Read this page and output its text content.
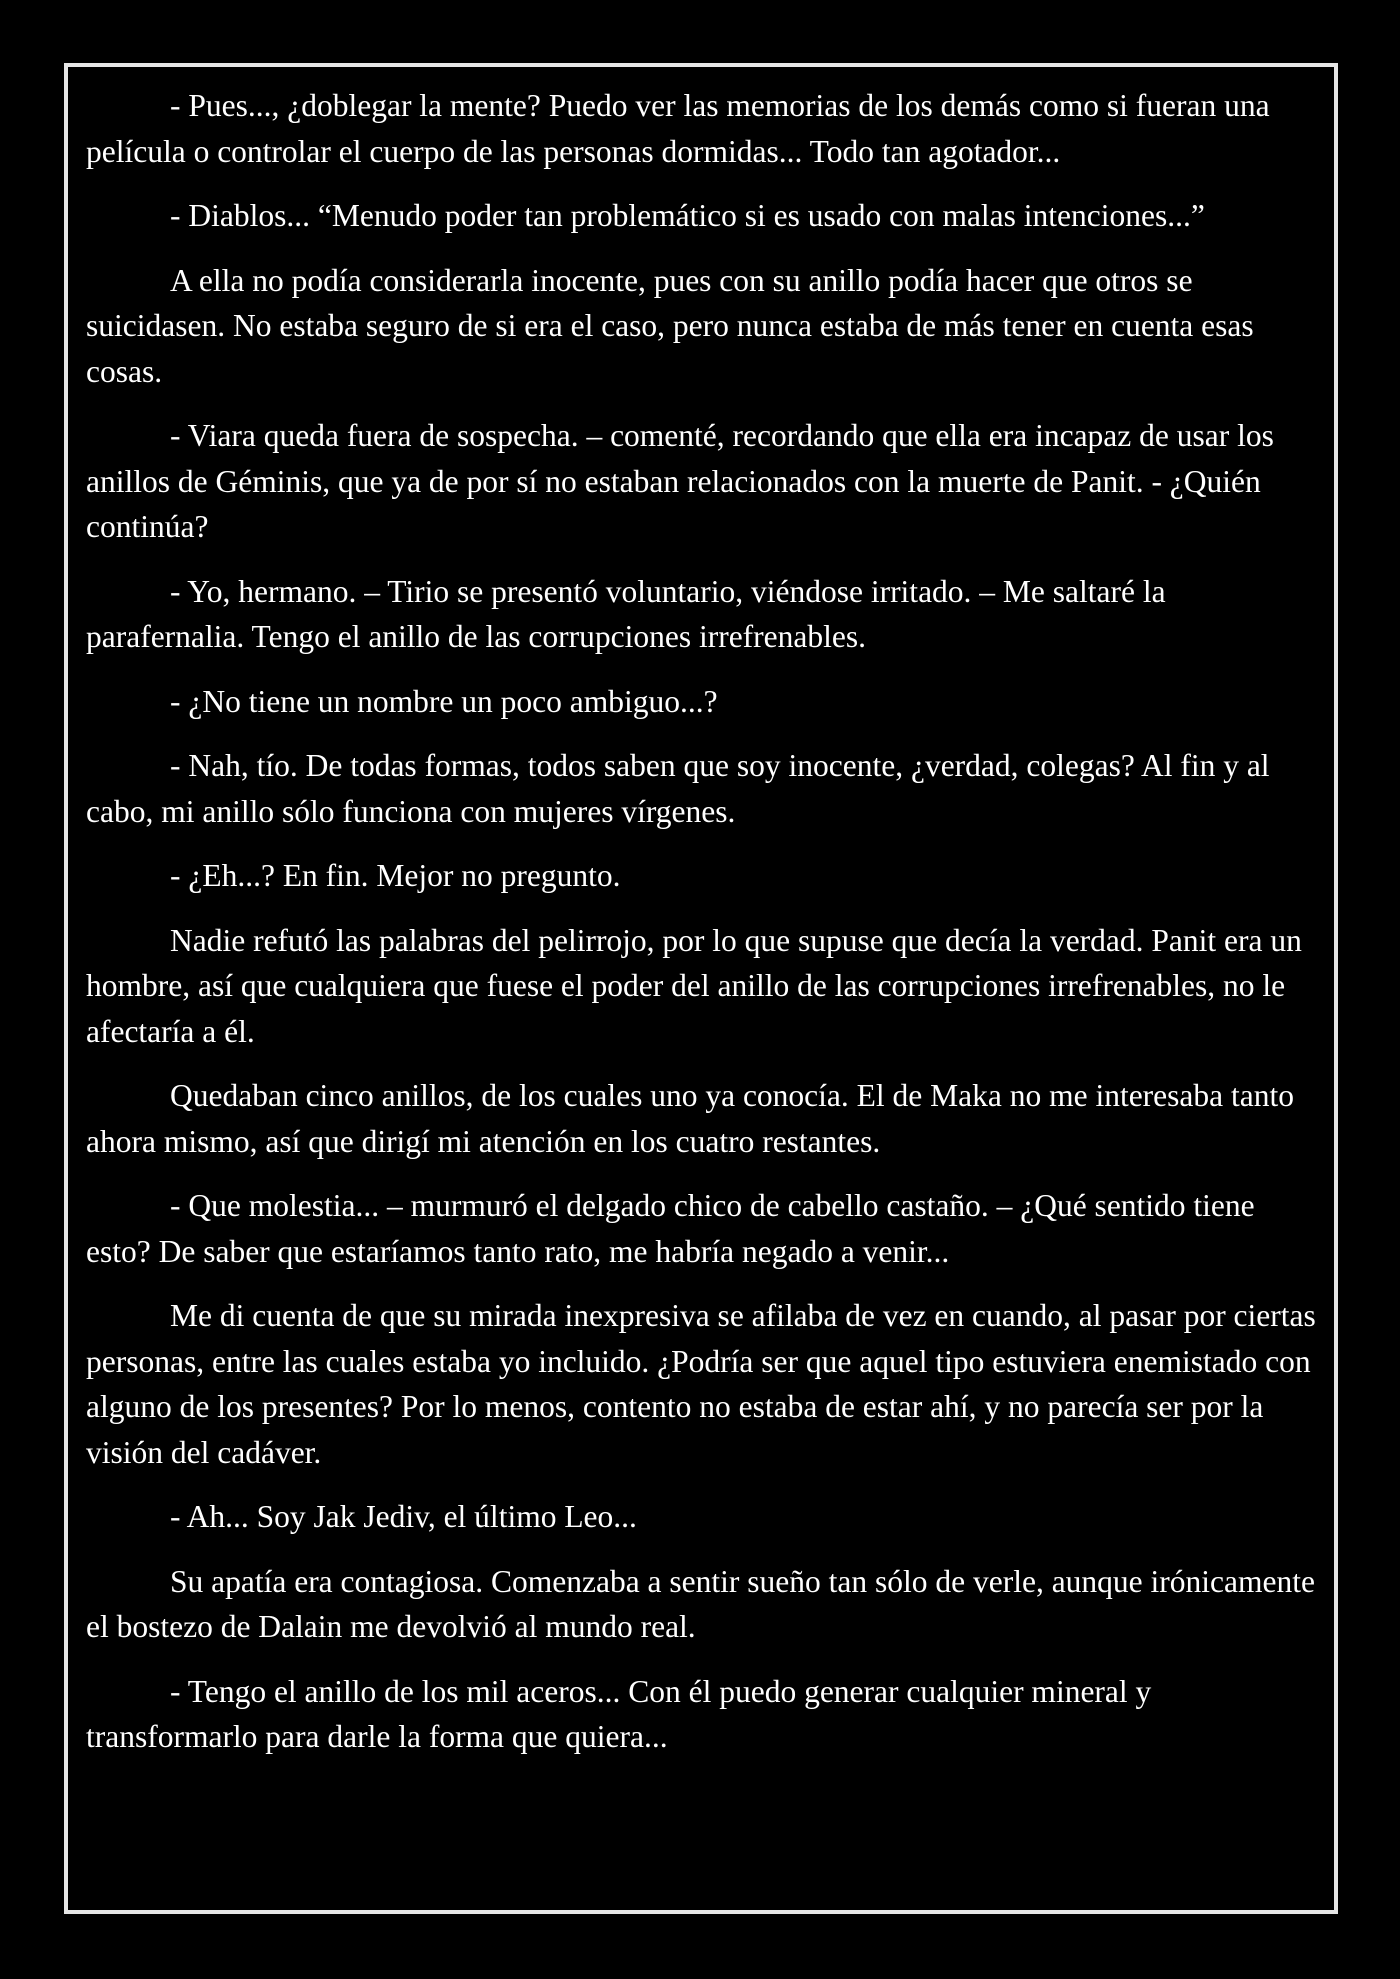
- Pues..., ¿doblegar la mente? Puedo ver las memorias de los demás como si fueran una película o controlar el cuerpo de las personas dormidas... Todo tan agotador...

- Diablos... “Menudo poder tan problemático si es usado con malas intenciones...”

A ella no podía considerarla inocente, pues con su anillo podía hacer que otros se suicidasen. No estaba seguro de si era el caso, pero nunca estaba de más tener en cuenta esas cosas.

- Viara queda fuera de sospecha. – comenté, recordando que ella era incapaz de usar los anillos de Géminis, que ya de por sí no estaban relacionados con la muerte de Panit. - ¿Quién continúa?

- Yo, hermano. – Tirio se presentó voluntario, viéndose irritado. – Me saltaré la parafernalia. Tengo el anillo de las corrupciones irrefrenables.

- ¿No tiene un nombre un poco ambiguo...?

- Nah, tío. De todas formas, todos saben que soy inocente, ¿verdad, colegas? Al fin y al cabo, mi anillo sólo funciona con mujeres vírgenes.

- ¿Eh...? En fin. Mejor no pregunto.

Nadie refutó las palabras del pelirrojo, por lo que supuse que decía la verdad. Panit era un hombre, así que cualquiera que fuese el poder del anillo de las corrupciones irrefrenables, no le afectaría a él.

Quedaban cinco anillos, de los cuales uno ya conocía. El de Maka no me interesaba tanto ahora mismo, así que dirigí mi atención en los cuatro restantes.

- Que molestia... – murmuró el delgado chico de cabello castaño. – ¿Qué sentido tiene esto? De saber que estaríamos tanto rato, me habría negado a venir...

Me di cuenta de que su mirada inexpresiva se afilaba de vez en cuando, al pasar por ciertas personas, entre las cuales estaba yo incluido. ¿Podría ser que aquel tipo estuviera enemistado con alguno de los presentes? Por lo menos, contento no estaba de estar ahí, y no parecía ser por la visión del cadáver.

- Ah... Soy Jak Jediv, el último Leo...

Su apatía era contagiosa. Comenzaba a sentir sueño tan sólo de verle, aunque irónicamente el bostezo de Dalain me devolvió al mundo real.

- Tengo el anillo de los mil aceros... Con él puedo generar cualquier mineral y transformarlo para darle la forma que quiera...
